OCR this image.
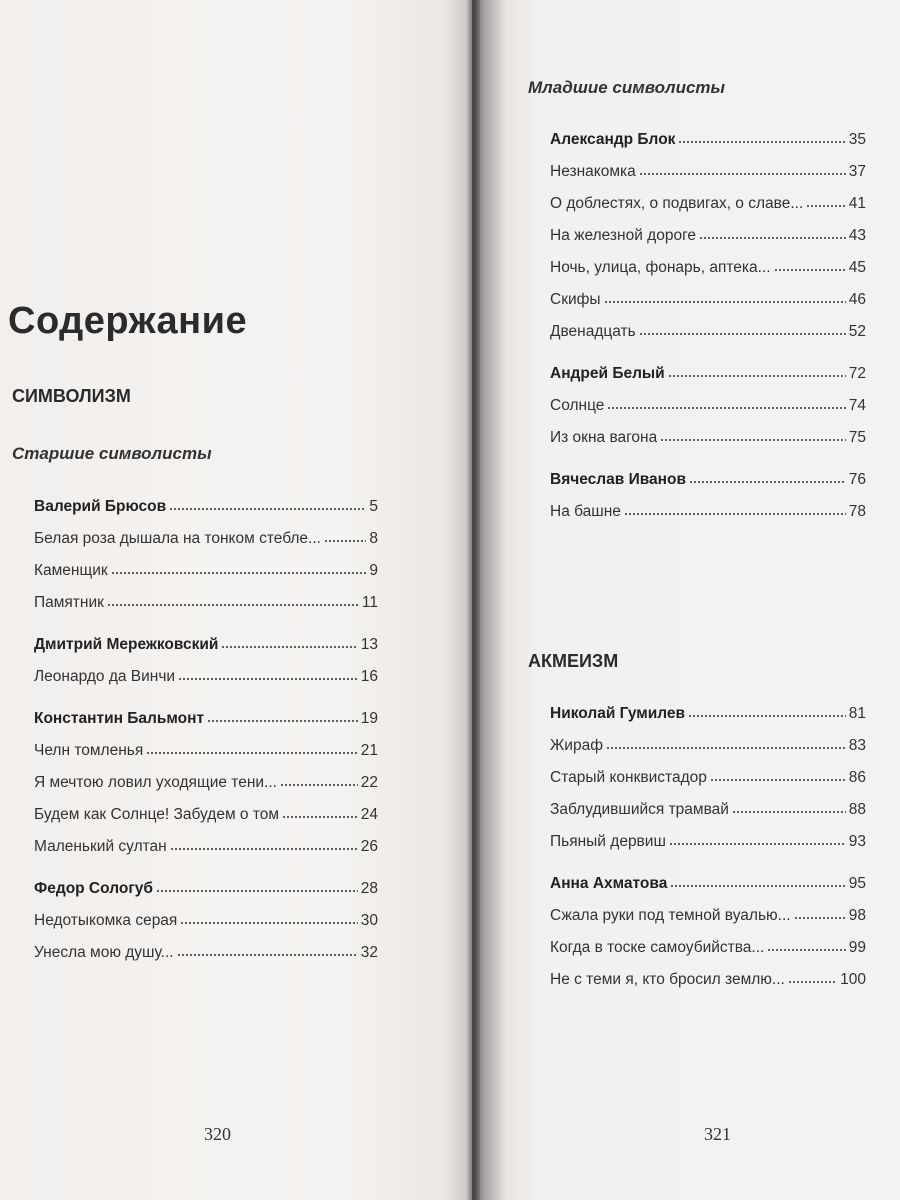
Содержание
СИМВОЛИЗМ
Старшие символисты
Валерий Брюсов	5
Белая роза дышала на тонком стебле...	8
Каменщик	9
Памятник	11
Дмитрий Мережковский	13
Леонардо да Винчи	16
Константин Бальмонт	19
Челн томленья	21
Я мечтою ловил уходящие тени...	22
Будем как Солнце! Забудем о том	24
Маленький султан	26
Федор Сологуб	28
Недотыкомка серая	30
Унесла мою душу...	32
320
Младшие символисты
Александр Блок	35
Незнакомка	37
О доблестях, о подвигах, о славе...	41
На железной дороге	43
Ночь, улица, фонарь, аптека...	45
Скифы	46
Двенадцать	52
Андрей Белый	72
Солнце	74
Из окна вагона	75
Вячеслав Иванов	76
На башне	78
АКМЕИЗМ
Николай Гумилев	81
Жираф	83
Старый конквистадор	86
Заблудившийся трамвай	88
Пьяный дервиш	93
Анна Ахматова	95
Сжала руки под темной вуалью...	98
Когда в тоске самоубийства...	99
Не с теми я, кто бросил землю...	100
321
